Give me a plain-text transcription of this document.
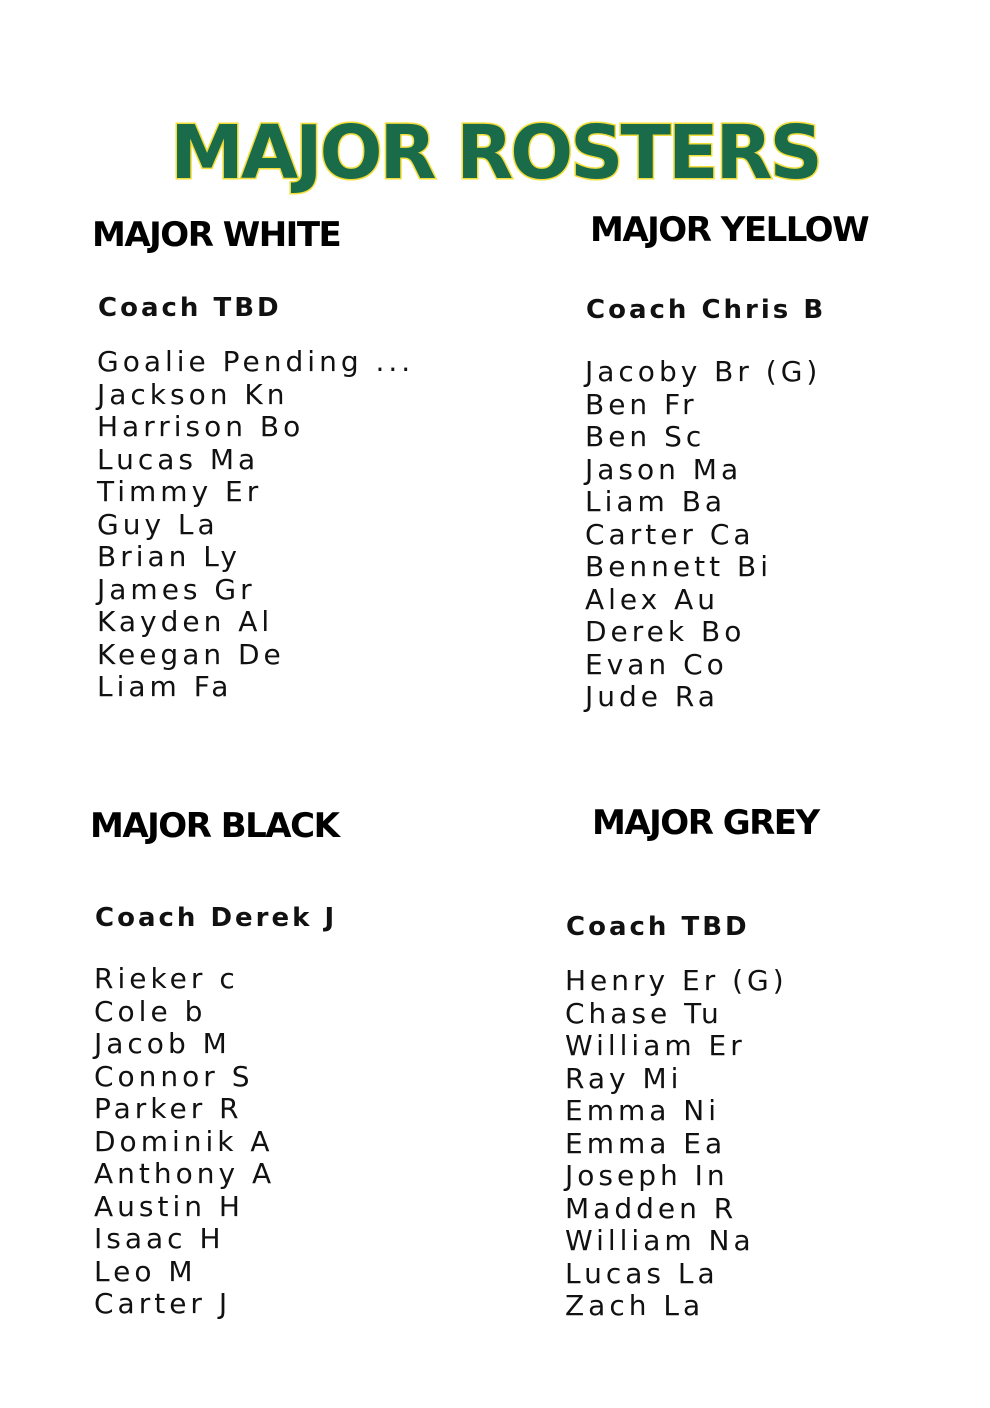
MAJOR ROSTERS
MAJOR WHITE
Coach TBD
Goalie Pending ...
Jackson Kn
Harrison Bo
Lucas Ma
Timmy Er
Guy La
Brian Ly
James Gr
Kayden Al
Keegan De
Liam Fa
MAJOR YELLOW
Coach Chris B
Jacoby Br (G)
Ben Fr
Ben Sc
Jason Ma
Liam Ba
Carter Ca
Bennett Bi
Alex Au
Derek Bo
Evan Co
Jude Ra
MAJOR BLACK
Coach Derek J
Rieker c
Cole b
Jacob M
Connor S
Parker R
Dominik A
Anthony A
Austin H
Isaac H
Leo M
Carter J
MAJOR GREY
Coach TBD
Henry Er (G)
Chase Tu
William Er
Ray Mi
Emma Ni
Emma Ea
Joseph In
Madden R
William Na
Lucas La
Zach La
